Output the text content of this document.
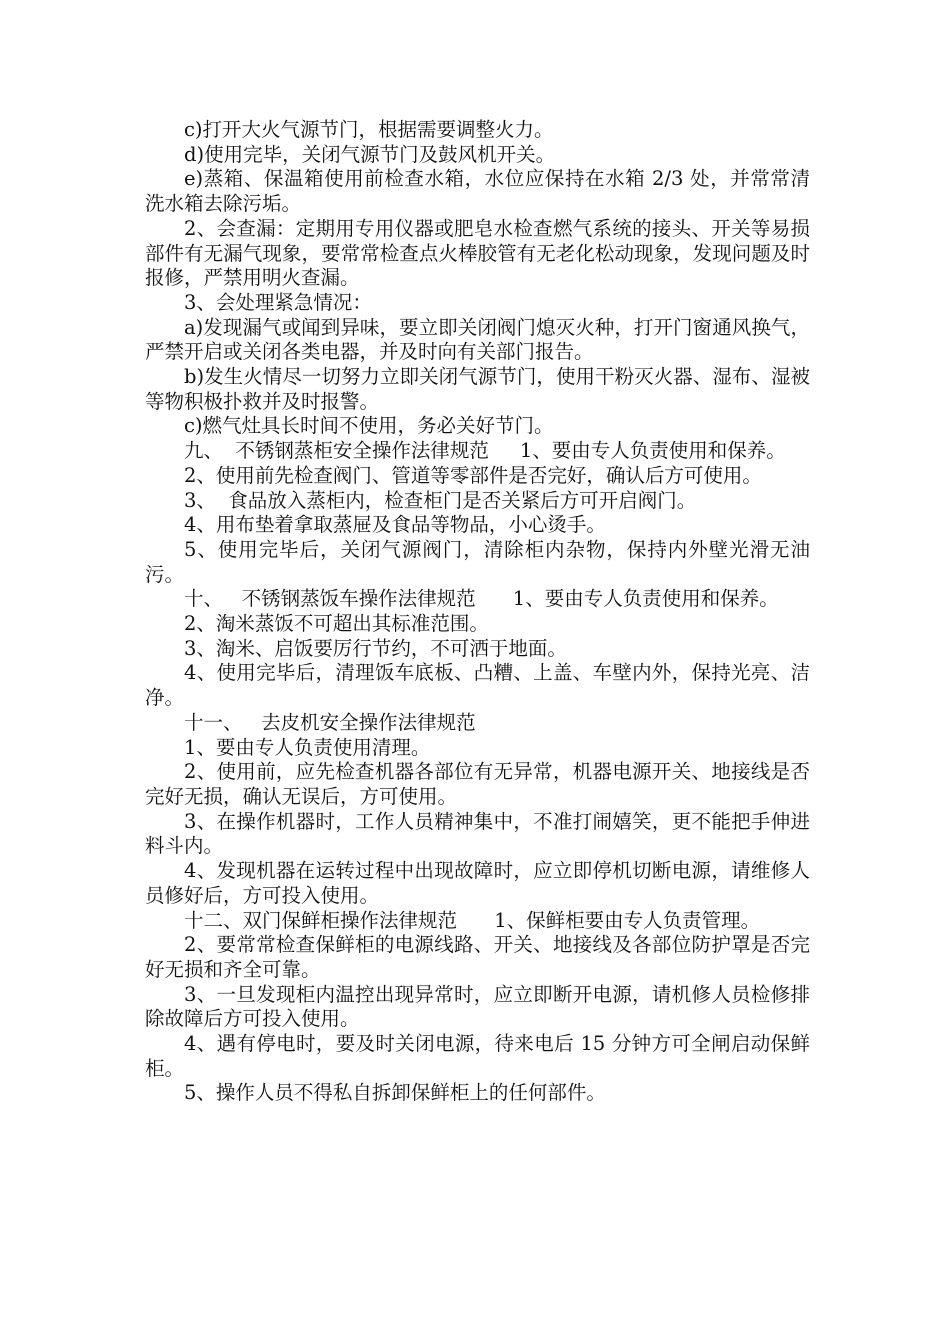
c)打开大火气源节门，根据需要调整火力。

d)使用完毕，关闭气源节门及鼓风机开关。

e)蒸箱、保温箱使用前检查水箱，水位应保持在水箱 2/3 处，并常常清洗水箱去除污垢。

2、会查漏：定期用专用仪器或肥皂水检查燃气系统的接头、开关等易损部件有无漏气现象，要常常检查点火棒胶管有无老化松动现象，发现问题及时报修，严禁用明火查漏。

3、会处理紧急情况：

a)发现漏气或闻到异味，要立即关闭阀门熄灭火种，打开门窗通风换气，严禁开启或关闭各类电器，并及时向有关部门报告。

b)发生火情尽一切努力立即关闭气源节门，使用干粉灭火器、湿布、湿被等物积极扑救并及时报警。

c)燃气灶具长时间不使用，务必关好节门。

九、  不锈钢蒸柜安全操作法律规范     1、要由专人负责使用和保养。

2、使用前先检查阀门、管道等零部件是否完好，确认后方可使用。

3、  食品放入蒸柜内，检查柜门是否关紧后方可开启阀门。

4、用布垫着拿取蒸屉及食品等物品，小心烫手。

5、使用完毕后，关闭气源阀门，清除柜内杂物，保持内外壁光滑无油污。

十、   不锈钢蒸饭车操作法律规范      1、要由专人负责使用和保养。

2、淘米蒸饭不可超出其标准范围。

3、淘米、启饭要厉行节约，不可洒于地面。

4、使用完毕后，清理饭车底板、凸糟、上盖、车壁内外，保持光亮、洁净。

十一、   去皮机安全操作法律规范

1、要由专人负责使用清理。

2、使用前，应先检查机器各部位有无异常，机器电源开关、地接线是否完好无损，确认无误后，方可使用。

3、在操作机器时，工作人员精神集中，不准打闹嬉笑，更不能把手伸进料斗内。

4、发现机器在运转过程中出现故障时，应立即停机切断电源，请维修人员修好后，方可投入使用。

十二、双门保鲜柜操作法律规范      1、保鲜柜要由专人负责管理。

2、要常常检查保鲜柜的电源线路、开关、地接线及各部位防护罩是否完好无损和齐全可靠。

3、一旦发现柜内温控出现异常时，应立即断开电源，请机修人员检修排除故障后方可投入使用。

4、遇有停电时，要及时关闭电源，待来电后 15 分钟方可全闸启动保鲜柜。

5、操作人员不得私自拆卸保鲜柜上的任何部件。
